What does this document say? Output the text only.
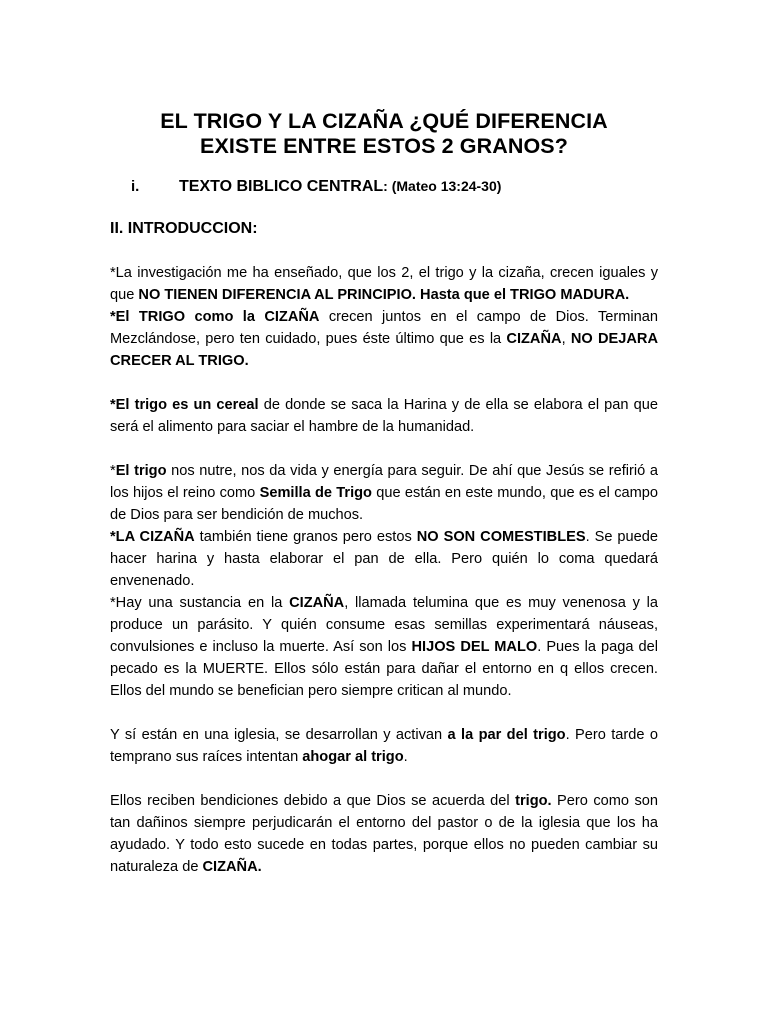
EL TRIGO Y LA CIZAÑA ¿QUÉ DIFERENCIA
EXISTE ENTRE ESTOS 2 GRANOS?
i. TEXTO BIBLICO CENTRAL: (Mateo 13:24-30)
II. INTRODUCCION:

*La investigación me ha enseñado, que los 2, el trigo y la cizaña, crecen iguales y que NO TIENEN DIFERENCIA AL PRINCIPIO. Hasta que el TRIGO MADURA.

*El TRIGO como la CIZAÑA crecen juntos en el campo de Dios. Terminan Mezclándose, pero ten cuidado, pues éste último que es la CIZAÑA, NO DEJARA CRECER AL TRIGO.

*El trigo es un cereal de donde se saca la Harina y de ella se elabora el pan que será el alimento para saciar el hambre de la humanidad.

*El trigo nos nutre, nos da vida y energía para seguir. De ahí que Jesús se refirió a los hijos el reino como Semilla de Trigo que están en este mundo, que es el campo de Dios para ser bendición de muchos.

*LA CIZAÑA también tiene granos pero estos NO SON COMESTIBLES. Se puede hacer harina y hasta elaborar el pan de ella. Pero quién lo coma quedará envenenado.

*Hay una sustancia en la CIZAÑA, llamada telumina que es muy venenosa y la produce un parásito. Y quién consume esas semillas experimentará náuseas, convulsiones e incluso la muerte. Así son los HIJOS DEL MALO. Pues la paga del pecado es la MUERTE. Ellos sólo están para dañar el entorno en q ellos crecen. Ellos del mundo se benefician pero siempre critican al mundo.

Y sí están en una iglesia, se desarrollan y activan a la par del trigo. Pero tarde o temprano sus raíces intentan ahogar al trigo.

Ellos reciben bendiciones debido a que Dios se acuerda del trigo. Pero como son tan dañinos siempre perjudicarán el entorno del pastor o de la iglesia que los ha ayudado. Y todo esto sucede en todas partes, porque ellos no pueden cambiar su naturaleza de CIZAÑA.
